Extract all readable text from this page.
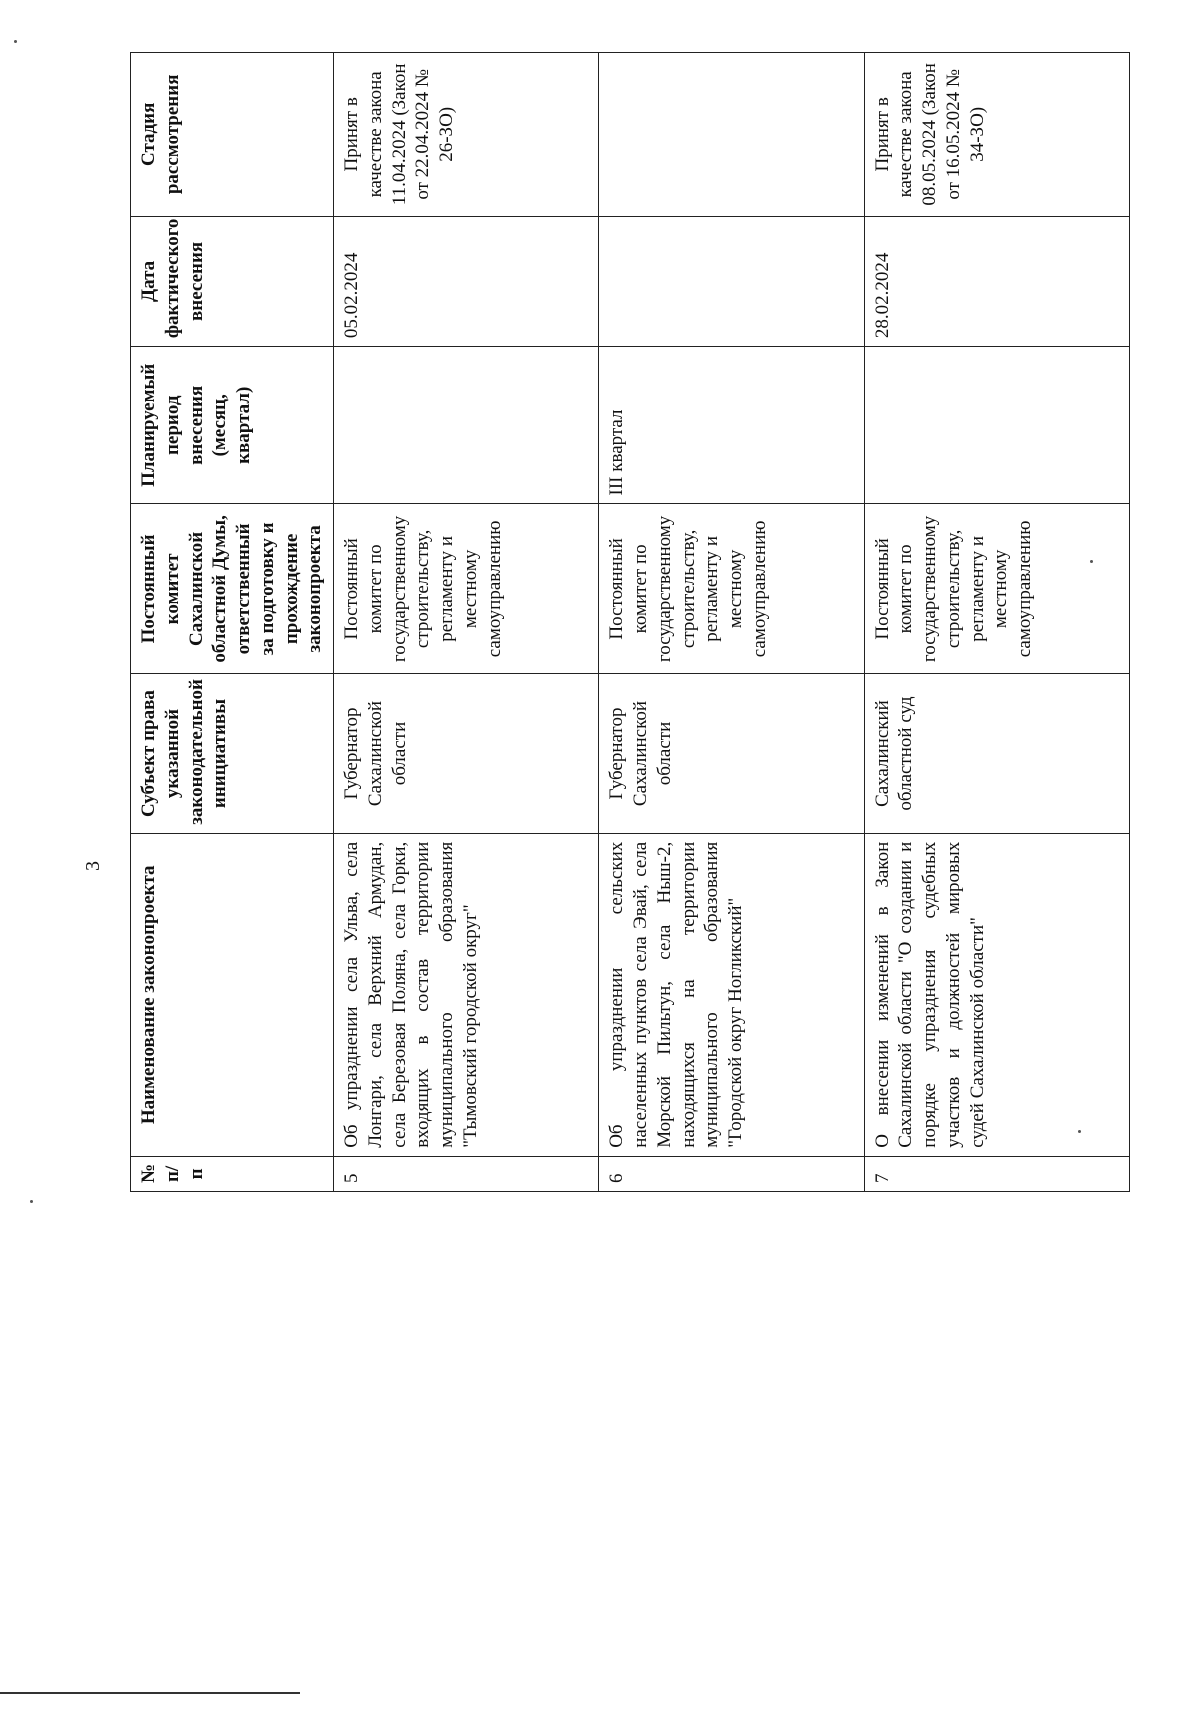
3
№ п/п	Наименование законопроекта	Субъект права указанной законодательной инициативы	Постоянный комитет Сахалинской областной Думы, ответственный за подготовку и прохождение законопроекта	Планируемый период внесения (месяц, квартал)	Дата фактического внесения	Стадия рассмотрения
5	Об упразднении села Ульва, села Лонгари, села Верхний Армудан, села Березовая Поляна, села Горки, входящих в состав территории муниципального образования "Тымовский городской округ"	Губернатор Сахалинской области	Постоянный комитет по государственному строительству, регламенту и местному самоуправлению		05.02.2024	Принят в качестве закона 11.04.2024 (Закон от 22.04.2024 № 26-ЗО)
6	Об упразднении сельских населенных пунктов села Эвай, села Морской Пильтун, села Ныш-2, находящихся на территории муниципального образования "Городской округ Ногликский"	Губернатор Сахалинской области	Постоянный комитет по государственному строительству, регламенту и местному самоуправлению	III квартал		
7	О внесении изменений в Закон Сахалинской области "О создании и порядке упразднения судебных участков и должностей мировых судей Сахалинской области"	Сахалинский областной суд	Постоянный комитет по государственному строительству, регламенту и местному самоуправлению		28.02.2024	Принят в качестве закона 08.05.2024 (Закон от 16.05.2024 № 34-ЗО)
